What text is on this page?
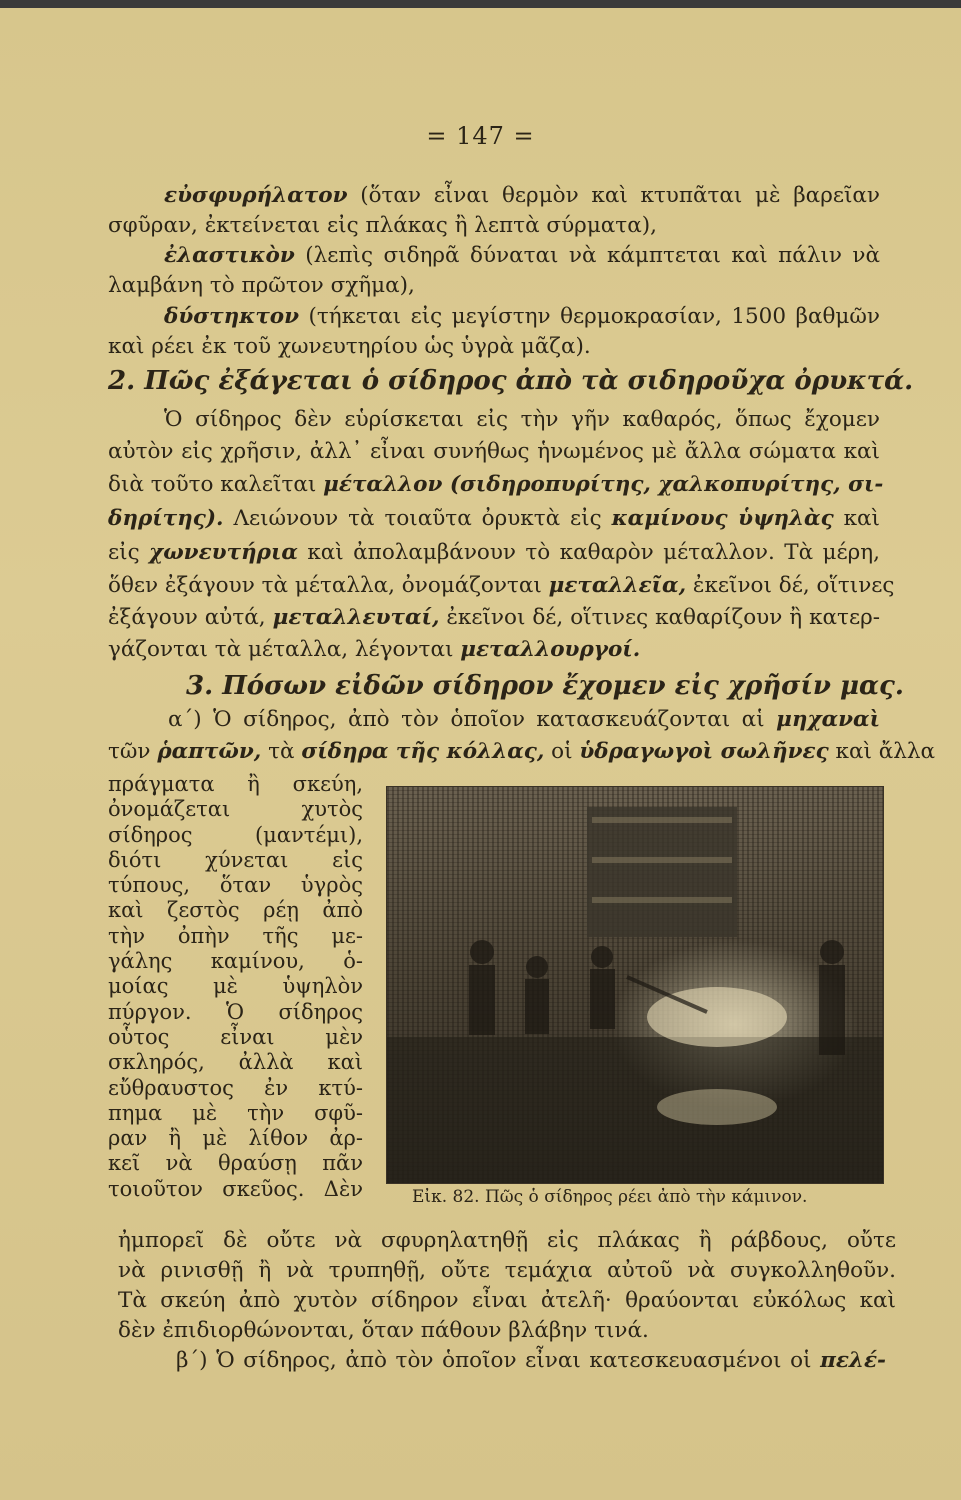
= 147 =
εὐσφυρήλατον (ὅταν εἶναι θερμὸν καὶ κτυπᾶται μὲ βαρεῖαν
σφῦραν, ἐκτείνεται εἰς πλάκας ἢ λεπτὰ σύρματα),
ἐλαστικὸν (λεπὶς σιδηρᾶ δύναται νὰ κάμπτεται καὶ πάλιν νὰ
λαμβάνη τὸ πρῶτον σχῆμα),
δύστηκτον (τήκεται εἰς μεγίστην θερμοκρασίαν, 1500 βαθμῶν
καὶ ρέει ἐκ τοῦ χωνευτηρίου ὡς ὑγρὰ μᾶζα).
2. Πῶς ἐξάγεται ὁ σίδηρος ἀπὸ τὰ σιδηροῦχα ὀρυκτά.
Ὁ σίδηρος δὲν εὑρίσκεται εἰς τὴν γῆν καθαρός, ὅπως ἔχομεν
αὐτὸν εἰς χρῆσιν, ἀλλ᾽ εἶναι συνήθως ἡνωμένος μὲ ἄλλα σώματα καὶ
διὰ τοῦτο καλεῖται μέταλλον (σιδηροπυρίτης, χαλκοπυρίτης, σι-
δηρίτης). Λειώνουν τὰ τοιαῦτα ὀρυκτὰ εἰς καμίνους ὑψηλὰς καὶ
εἰς χωνευτήρια καὶ ἀπολαμβάνουν τὸ καθαρὸν μέταλλον. Τὰ μέρη,
ὅθεν ἐξάγουν τὰ μέταλλα, ὀνομάζονται μεταλλεῖα, ἐκεῖνοι δέ, οἵτινες
ἐξάγουν αὐτά, μεταλλευταί, ἐκεῖνοι δέ, οἵτινες καθαρίζουν ἢ κατερ-
γάζονται τὰ μέταλλα, λέγονται μεταλλουργοί.
3. Πόσων εἰδῶν σίδηρον ἔχομεν εἰς χρῆσίν μας.
α΄) Ὁ σίδηρος, ἀπὸ τὸν ὁποῖον κατασκευάζονται αἱ μηχαναὶ
τῶν ῥαπτῶν, τὰ σίδηρα τῆς κόλλας, οἱ ὑδραγωγοὶ σωλῆνες καὶ ἄλλα
πράγματα ἢ σκεύη,
ὀνομάζεται χυτὸς
σίδηρος (μαντέμι),
διότι χύνεται εἰς
τύπους, ὅταν ὑγρὸς
καὶ ζεστὸς ρέῃ ἀπὸ
τὴν ὀπὴν τῆς με-
γάλης καμίνου, ὁ-
μοίας μὲ ὑψηλὸν
πύργον. Ὁ σίδηρος
οὗτος εἶναι μὲν
σκληρός, ἀλλὰ καὶ
εὔθραυστος ἐν κτύ-
πημα μὲ τὴν σφῦ-
ραν ἢ μὲ λίθον ἀρ-
κεῖ νὰ θραύσῃ πᾶν
τοιοῦτον σκεῦος. Δὲν	Εἰκ. 82. Πῶς ὁ σίδηρος ρέει ἀπὸ τὴν κάμινον.
ἠμπορεῖ δὲ οὔτε νὰ σφυρηλατηθῇ εἰς πλάκας ἢ ράβδους, οὔτε
νὰ ρινισθῇ ἢ νὰ τρυπηθῇ, οὔτε τεμάχια αὐτοῦ νὰ συγκολληθοῦν.
Τὰ σκεύη ἀπὸ χυτὸν σίδηρον εἶναι ἀτελῆ· θραύονται εὐκόλως καὶ
δὲν ἐπιδιορθώνονται, ὅταν πάθουν βλάβην τινά.
β΄) Ὁ σίδηρος, ἀπὸ τὸν ὁποῖον εἶναι κατεσκευασμένοι οἱ πελέ-
